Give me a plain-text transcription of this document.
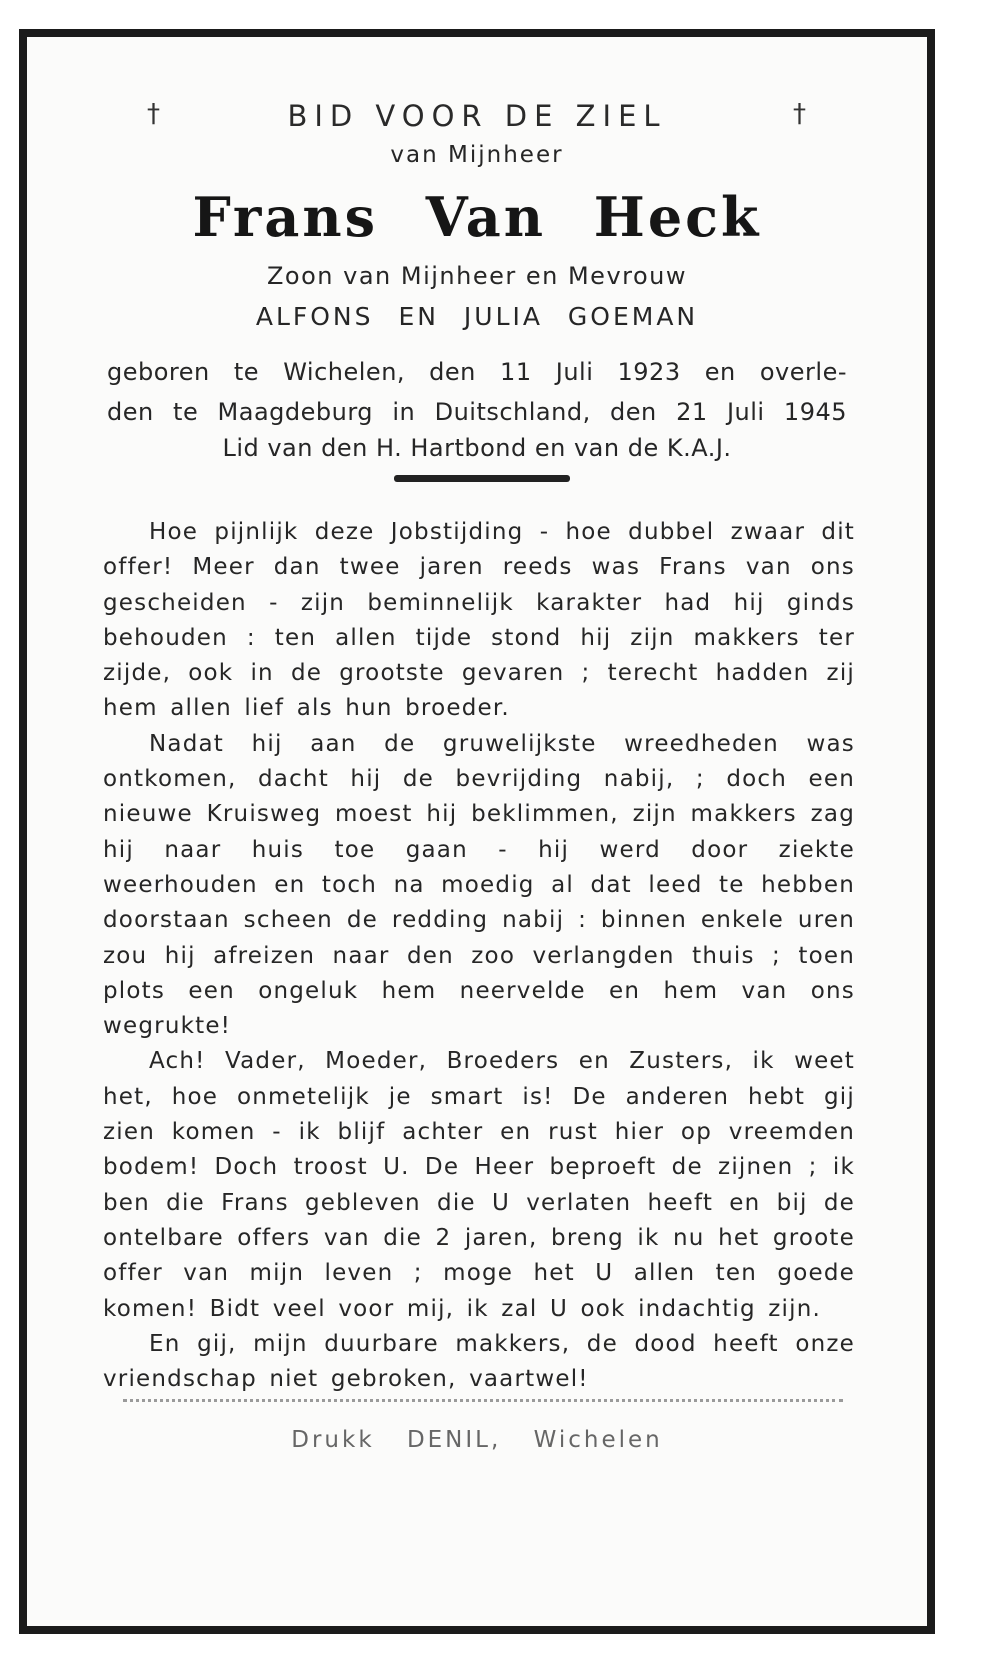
†	BID VOOR DE ZIEL	†
van Mijnheer
Frans Van Heck
Zoon van Mijnheer en Mevrouw
ALFONS EN JULIA GOEMAN

geboren te Wichelen, den 11 Juli 1923 en overle-

den te Maagdeburg in Duitschland, den 21 Juli 1945

Lid van den H. Hartbond en van de K.A.J.

Hoe pijnlijk deze Jobstijding - hoe dubbel zwaar dit offer! Meer dan twee jaren reeds was Frans van ons gescheiden - zijn beminnelijk karakter had hij ginds behouden : ten allen tijde stond hij zijn makkers ter zijde, ook in de grootste gevaren ; terecht hadden zij hem allen lief als hun broeder.

Nadat hij aan de gruwelijkste wreedheden was ontkomen, dacht hij de bevrijding nabij, ; doch een nieuwe Kruisweg moest hij beklimmen, zijn makkers zag hij naar huis toe gaan - hij werd door ziekte weerhouden en toch na moedig al dat leed te hebben doorstaan scheen de redding nabij : binnen enkele uren zou hij afreizen naar den zoo verlangden thuis ; toen plots een ongeluk hem neervelde en hem van ons wegrukte!

Ach! Vader, Moeder, Broeders en Zusters, ik weet het, hoe onmetelijk je smart is! De anderen hebt gij zien komen - ik blijf achter en rust hier op vreemden bodem! Doch troost U. De Heer beproeft de zijnen ; ik ben die Frans gebleven die U verlaten heeft en bij de ontelbare offers van die 2 jaren, breng ik nu het groote offer van mijn leven ; moge het U allen ten goede komen! Bidt veel voor mij, ik zal U ook indachtig zijn.

En gij, mijn duurbare makkers, de dood heeft onze vriendschap niet gebroken, vaartwel!

Drukk DENIL, Wichelen
